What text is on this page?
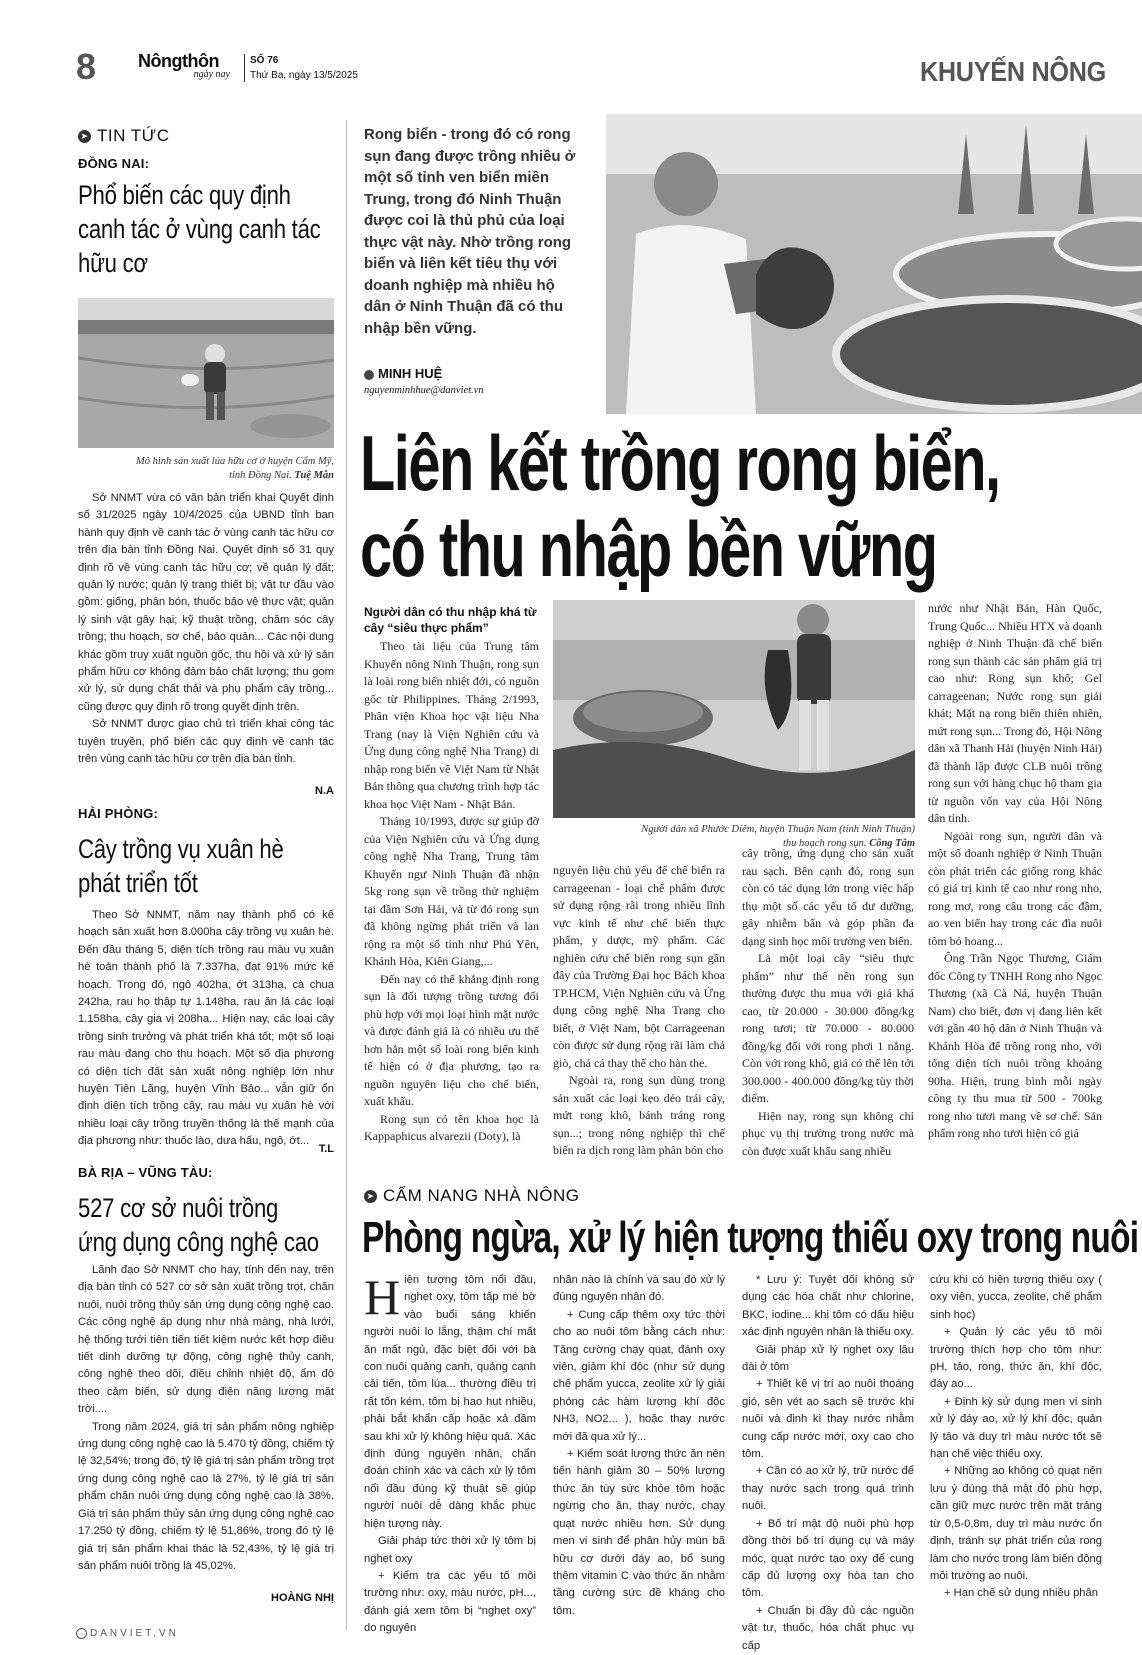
8 Nôngthôn
ngày nay
SỐ 76
Thứ Ba, ngày 13/5/2025	KHUYẾN NÔNG
➤ TIN TỨC
ĐỒNG NAI:
Phổ biến các quy định
canh tác ở vùng canh tác
hữu cơ
Mô hình sản xuất lúa hữu cơ ở huyện Cẩm Mỹ,
tỉnh Đồng Nai. Tuệ Mẫn

Sở NNMT vừa có văn bản triển khai Quyết định số 31/2025 ngày 10/4/2025 của UBND tỉnh ban hành quy định về canh tác ở vùng canh tác hữu cơ trên địa bàn tỉnh Đồng Nai. Quyết định số 31 quy định rõ về vùng canh tác hữu cơ; về quản lý đất; quản lý nước; quản lý trang thiết bị; vật tư đầu vào gồm: giống, phân bón, thuốc bảo vệ thực vật; quản lý sinh vật gây hại; kỹ thuật trồng, chăm sóc cây trồng; thu hoạch, sơ chế, bảo quản... Các nội dung khác gồm truy xuất nguồn gốc, thu hồi và xử lý sản phẩm hữu cơ không đảm bảo chất lượng; thu gom xử lý, sử dụng chất thải và phụ phẩm cây trồng... cũng được quy định rõ trong quyết định trên.

Sở NNMT được giao chủ trì triển khai công tác tuyên truyền, phổ biến các quy định về canh tác trên vùng canh tác hữu cơ trên địa bàn tỉnh.

N.A
HẢI PHÒNG:
Cây trồng vụ xuân hè
phát triển tốt

Theo Sở NNMT, năm nay thành phố có kế hoạch sản xuất hơn 8.000ha cây trồng vụ xuân hè. Đến đầu tháng 5, diện tích trồng rau màu vụ xuân hè toàn thành phố là 7.337ha, đạt 91% mức kế hoạch. Trong đó, ngô 402ha, ớt 313ha, cà chua 242ha, rau họ thập tự 1.148ha, rau ăn lá các loại 1.158ha, cây gia vị 208ha... Hiện nay, các loại cây trồng sinh trưởng và phát triển khá tốt; một số loại rau màu đang cho thu hoạch. Một số địa phương có diện tích đất sản xuất nông nghiệp lớn như huyện Tiên Lãng, huyện Vĩnh Bảo... vẫn giữ ổn định diện tích trồng cây, rau màu vụ xuân hè với nhiều loại cây trồng truyền thống là thế mạnh của địa phương như: thuốc lào, dưa hấu, ngô, ớt...

T.L
BÀ RỊA – VŨNG TÀU:
527 cơ sở nuôi trồng
ứng dụng công nghệ cao

Lãnh đạo Sở NNMT cho hay, tính đến nay, trên địa bàn tỉnh có 527 cơ sở sản xuất trồng trọt, chăn nuôi, nuôi trồng thủy sản ứng dụng công nghệ cao. Các công nghệ áp dụng như nhà màng, nhà lưới, hệ thống tưới tiên tiến tiết kiệm nước kết hợp điều tiết dinh dưỡng tự động, công nghệ thủy canh, công nghệ theo dõi, điều chỉnh nhiệt độ, ẩm độ theo cảm biến, sử dụng điện năng lượng mặt trời....

Trong năm 2024, giá trị sản phẩm nông nghiệp ứng dụng công nghệ cao là 5.470 tỷ đồng, chiếm tỷ lệ 32,54%; trong đó, tỷ lệ giá trị sản phẩm trồng trọt ứng dụng công nghệ cao là 27%, tỷ lệ giá trị sản phẩm chăn nuôi ứng dụng công nghệ cao là 38%. Giá trị sản phẩm thủy sản ứng dụng công nghệ cao 17.250 tỷ đồng, chiếm tỷ lệ 51,86%, trong đó tỷ lệ giá trị sản phẩm khai thác là 52,43%, tỷ lệ giá trị sản phẩm nuôi trồng là 45,02%.

HOÀNG NHỊ
DANVIET.VN
Rong biển - trong đó có rong sụn đang được trồng nhiều ở một số tỉnh ven biển miền Trung, trong đó Ninh Thuận được coi là thủ phủ của loại thực vật này. Nhờ trồng rong biển và liên kết tiêu thụ với doanh nghiệp mà nhiều hộ dân ở Ninh Thuận đã có thu nhập bền vững.
MINH HUỆ
nguyenminhhue@danviet.vn
Liên kết trồng rong biển,
có thu nhập bền vững
Người dân có thu nhập khá từ cây “siêu thực phẩm”

Theo tài liệu của Trung tâm Khuyến nông Ninh Thuận, rong sụn là loài rong biển nhiệt đới, có nguồn gốc từ Philippines. Tháng 2/1993, Phân viện Khoa học vật liệu Nha Trang (nay là Viện Nghiên cứu và Ứng dụng công nghệ Nha Trang) di nhập rong biển về Việt Nam từ Nhật Bản thông qua chương trình hợp tác khoa học Việt Nam - Nhật Bản.

Tháng 10/1993, được sự giúp đỡ của Viện Nghiên cứu và Ứng dụng công nghệ Nha Trang, Trung tâm Khuyến ngư Ninh Thuận đã nhận 5kg rong sụn về trồng thử nghiệm tại đầm Sơn Hải, và từ đó rong sụn đã không ngừng phát triển và lan rộng ra một số tỉnh như Phú Yên, Khánh Hòa, Kiên Giang,...

Đến nay có thể khẳng định rong sụn là đối tượng trồng tương đối phù hợp với mọi loại hình mặt nước và được đánh giá là có nhiều ưu thế hơn hẳn một số loài rong biển kinh tế hiện có ở địa phương, tạo ra nguồn nguyên liệu cho chế biến, xuất khẩu.

Rong sụn có tên khoa học là Kappaphicus alvarezii (Doty), là

Người dân xã Phước Diêm, huyện Thuận Nam (tỉnh Ninh Thuận)
thu hoạch rong sụn. Công Tâm

nguyên liệu chủ yếu để chế biến ra carrageenan - loại chế phẩm được sử dụng rộng rãi trong nhiều lĩnh vực kinh tế như chế biến thực phẩm, y dược, mỹ phẩm. Các nghiên cứu chế biến rong sụn gần đây của Trường Đại học Bách khoa TP.HCM, Viện Nghiên cứu và Ứng dụng công nghệ Nha Trang cho biết, ở Việt Nam, bột Carrageenan còn được sử dụng rộng rãi làm chả giò, chả cá thay thế cho hàn the.

Ngoài ra, rong sụn dùng trong sản xuất các loại kẹo dẻo trái cây, mứt rong khô, bánh tráng rong sụn...; trong nông nghiệp thì chế biến ra dịch rong làm phân bón cho

cây trồng, ứng dụng cho sản xuất rau sạch. Bên cạnh đó, rong sụn còn có tác dụng lớn trong việc hấp thụ một số các yếu tố dư dưỡng, gây nhiễm bẩn và góp phần đa dạng sinh học môi trường ven biển.

Là một loại cây “siêu thực phẩm” như thế nên rong sụn thường được thu mua với giá khá cao, từ 20.000 - 30.000 đồng/kg rong tươi; từ 70.000 - 80.000 đồng/kg đối với rong phơi 1 nắng. Còn với rong khô, giá có thể lên tới 300.000 - 400.000 đồng/kg tùy thời điểm.

Hiện nay, rong sụn không chỉ phục vụ thị trường trong nước mà còn được xuất khẩu sang nhiều

nước như Nhật Bản, Hàn Quốc, Trung Quốc... Nhiều HTX và doanh nghiệp ở Ninh Thuận đã chế biến rong sụn thành các sản phẩm giá trị cao như: Rong sụn khô; Gel carrageenan; Nước rong sụn giải khát; Mặt nạ rong biển thiên nhiên, mứt rong sụn... Trong đó, Hội Nông dân xã Thanh Hải (huyện Ninh Hải) đã thành lập được CLB nuôi trồng rong sụn với hàng chục hộ tham gia từ nguồn vốn vay của Hội Nông dân tỉnh.

Ngoài rong sụn, người dân và một số doanh nghiệp ở Ninh Thuận còn phát triển các giống rong khác có giá trị kinh tế cao như rong nho, rong mơ, rong câu trong các đầm, ao ven biển hay trong các đìa nuôi tôm bỏ hoang...

Ông Trần Ngọc Thương, Giám đốc Công ty TNHH Rong nho Ngọc Thương (xã Cà Ná, huyện Thuận Nam) cho biết, đơn vị đang liên kết với gần 40 hộ dân ở Ninh Thuận và Khánh Hòa để trồng rong nho, với tổng diện tích nuôi trồng khoảng 90ha. Hiện, trung bình mỗi ngày công ty thu mua từ 500 - 700kg rong nho tươi mang về sơ chế. Sản phẩm rong nho tươi hiện có giá

➤ CẨM NANG NHÀ NÔNG
Phòng ngừa, xử lý hiện tượng thiếu oxy trong nuôi
H iện tượng tôm nổi đầu, nghẹt oxy, tôm tấp mé bờ vào buổi sáng khiến người nuôi lo lắng, thậm chí mất ăn mất ngủ, đặc biệt đối với bà con nuôi quảng canh, quảng canh cải tiến, tôm lúa... thường điều trị rất tốn kém, tôm bị hao hụt nhiều, phải bắt khẩn cấp hoặc xả đầm sau khi xử lý không hiệu quả. Xác định đúng nguyên nhân, chẩn đoán chính xác và cách xử lý tôm nổi đầu đúng kỹ thuật sẽ giúp người nuôi dễ dàng khắc phục hiện tượng này.

Giải pháp tức thời xử lý tôm bị nghẹt oxy

+ Kiểm tra các yếu tố môi trường như: oxy, màu nước, pH..., đánh giá xem tôm bị “nghẹt oxy” do nguyên

nhân nào là chính và sau đó xử lý đúng nguyên nhân đó.

+ Cung cấp thêm oxy tức thời cho ao nuôi tôm bằng cách như: Tăng cường chạy quạt, đánh oxy viên, giảm khí độc (như sử dụng chế phẩm yucca, zeolite xử lý giải phóng các hàm lượng khí độc NH3, NO2... ), hoặc thay nước mới đã qua xử lý...

+ Kiểm soát lượng thức ăn nên tiến hành giảm 30 – 50% lượng thức ăn tùy sức khỏe tôm hoặc ngừng cho ăn, thay nước, chạy quạt nước nhiều hơn. Sử dụng men vi sinh để phân hủy mùn bã hữu cơ dưới đáy ao, bổ sung thêm vitamin C vào thức ăn nhằm tăng cường sức đề kháng cho tôm.

* Lưu ý: Tuyệt đối không sử dụng các hóa chất như chlorine, BKC, iodine... khi tôm có dấu hiệu xác định nguyên nhân là thiếu oxy.

Giải pháp xử lý nghẹt oxy lâu dài ở tôm

+ Thiết kế vị trí ao nuôi thoáng gió, sên vét ao sạch sẽ trước khi nuôi và định kì thay nước nhằm cung cấp nước mới, oxy cao cho tôm.

+ Cần có ao xử lý, trữ nước để thay nước sạch trong quá trình nuôi.

+ Bố trí mật độ nuôi phù hợp đồng thời bố trí dụng cụ và máy móc, quạt nước tạo oxy để cung cấp đủ lượng oxy hòa tan cho tôm.

+ Chuẩn bị đầy đủ các nguồn vật tư, thuốc, hóa chất phục vụ cấp

cứu khi có hiện tượng thiếu oxy ( oxy viên, yucca, zeolite, chế phẩm sinh học)

+ Quản lý các yếu tố môi trường thích hợp cho tôm như: pH, tảo, rong, thức ăn, khí độc, đáy ao...

+ Định kỳ sử dụng men vi sinh xử lý đáy ao, xử lý khí độc, quản lý tảo và duy trì màu nước tốt sẽ hạn chế việc thiếu oxy.

+ Những ao không có quạt nên lưu ý đúng thả mật độ phù hợp, cần giữ mực nước trên mặt trảng từ 0,5-0,8m, duy trì màu nước ổn định, tránh sự phát triển của rong làm cho nước trong làm biến động môi trường ao nuôi.

+ Hạn chế sử dụng nhiều phân
